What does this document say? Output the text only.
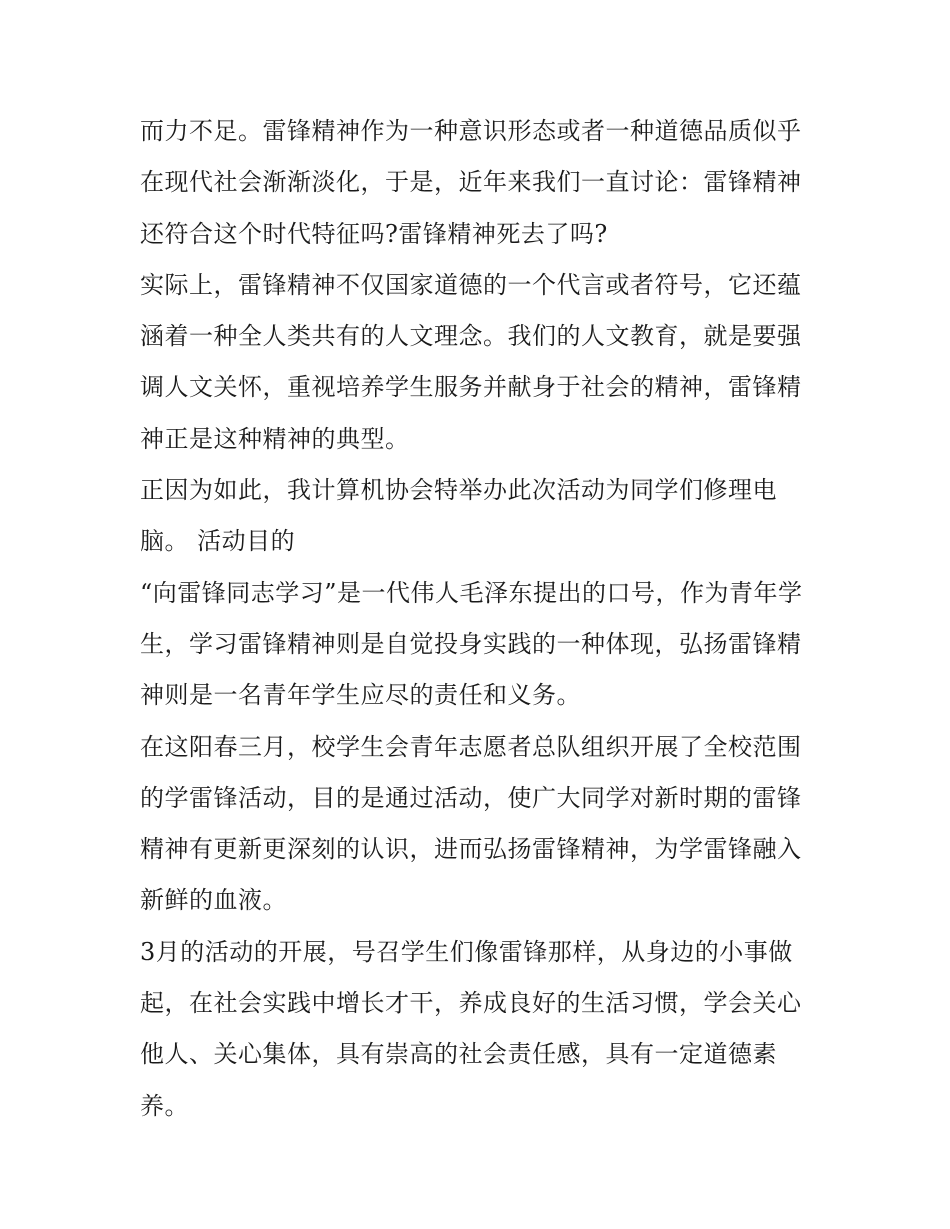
而力不足。雷锋精神作为一种意识形态或者一种道德品质似乎
在现代社会渐渐淡化，于是，近年来我们一直讨论：雷锋精神
还符合这个时代特征吗?雷锋精神死去了吗?
实际上，雷锋精神不仅国家道德的一个代言或者符号，它还蕴
涵着一种全人类共有的人文理念。我们的人文教育，就是要强
调人文关怀，重视培养学生服务并献身于社会的精神，雷锋精
神正是这种精神的典型。
正因为如此，我计算机协会特举办此次活动为同学们修理电
脑。 活动目的
“向雷锋同志学习”是一代伟人毛泽东提出的口号，作为青年学
生，学习雷锋精神则是自觉投身实践的一种体现，弘扬雷锋精
神则是一名青年学生应尽的责任和义务。
在这阳春三月，校学生会青年志愿者总队组织开展了全校范围
的学雷锋活动，目的是通过活动，使广大同学对新时期的雷锋
精神有更新更深刻的认识，进而弘扬雷锋精神，为学雷锋融入
新鲜的血液。
3月的活动的开展，号召学生们像雷锋那样，从身边的小事做
起，在社会实践中增长才干，养成良好的生活习惯，学会关心
他人、关心集体，具有崇高的社会责任感，具有一定道德素
养。
